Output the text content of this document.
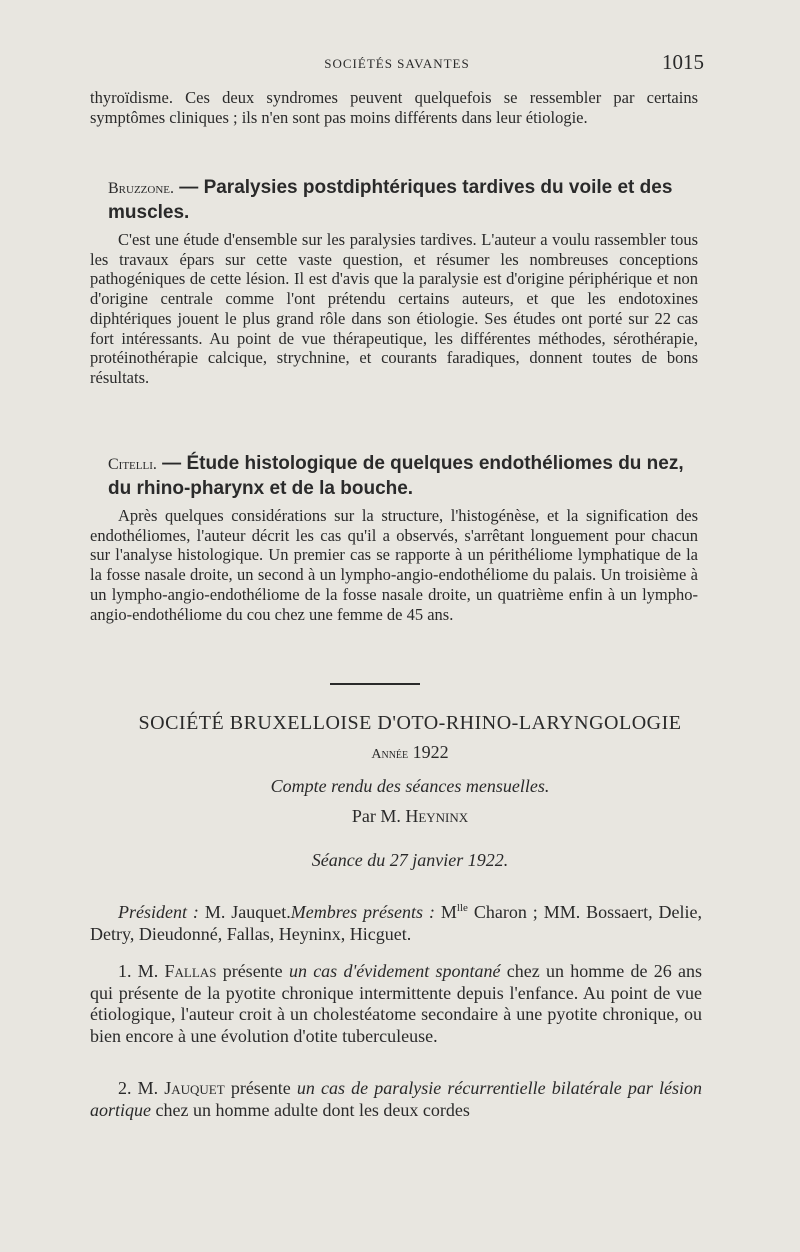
SOCIÉTÉS SAVANTES	1015
thyroïdisme. Ces deux syndromes peuvent quelquefois se ressembler par certains symptômes cliniques ; ils n'en sont pas moins différents dans leur étiologie.
Bruzzone. — Paralysies postdiphtériques tardives du voile et des muscles.
C'est une étude d'ensemble sur les paralysies tardives. L'auteur a voulu rassembler tous les travaux épars sur cette vaste question, et résumer les nombreuses conceptions pathogéniques de cette lésion. Il est d'avis que la paralysie est d'origine périphérique et non d'origine centrale comme l'ont prétendu certains auteurs, et que les endotoxines diphtériques jouent le plus grand rôle dans son étiologie. Ses études ont porté sur 22 cas fort intéressants. Au point de vue thérapeutique, les différentes méthodes, sérothérapie, protéinothérapie calcique, strychnine, et courants faradiques, donnent toutes de bons résultats.
Citelli. — Étude histologique de quelques endothéliomes du nez, du rhino-pharynx et de la bouche.
Après quelques considérations sur la structure, l'histogénèse, et la signification des endothéliomes, l'auteur décrit les cas qu'il a observés, s'arrêtant longuement pour chacun sur l'analyse histologique. Un premier cas se rapporte à un périthéliome lymphatique de la la fosse nasale droite, un second à un lympho-angio-endothéliome du palais. Un troisième à un lympho-angio-endothéliome de la fosse nasale droite, un quatrième enfin à un lympho-angio-endothéliome du cou chez une femme de 45 ans.
SOCIÉTÉ BRUXELLOISE D'OTO-RHINO-LARYNGOLOGIE
Année 1922
Compte rendu des séances mensuelles.
Par M. Heyninx
Séance du 27 janvier 1922.
Président : M. Jauquet.Membres présents : $M^{lle}$ Charon ; MM. Bossaert, Delie, Detry, Dieudonné, Fallas, Heyninx, Hicguet.
1. M. Fallas présente un cas d'évidement spontané chez un homme de 26 ans qui présente de la pyotite chronique intermittente depuis l'enfance. Au point de vue étiologique, l'auteur croit à un cholestéatome secondaire à une pyotite chronique, ou bien encore à une évolution d'otite tuberculeuse.
2. M. Jauquet présente un cas de paralysie récurrentielle bilatérale par lésion aortique chez un homme adulte dont les deux cordes
